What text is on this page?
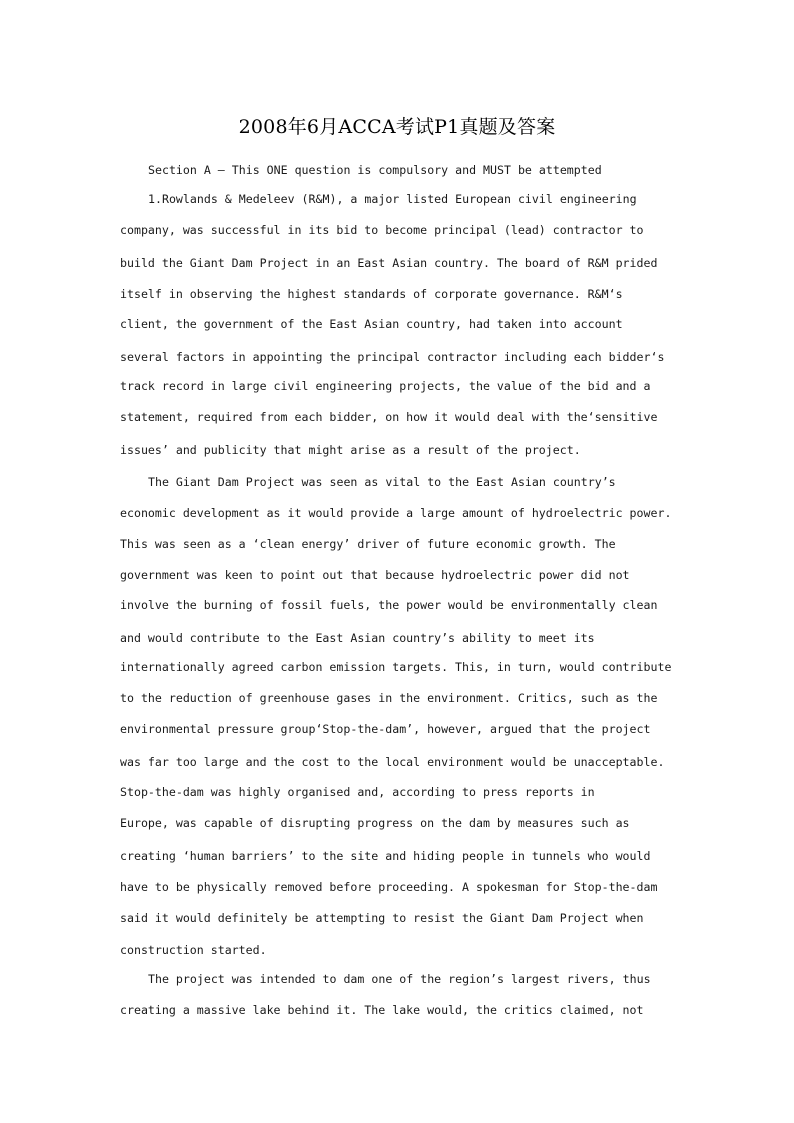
2008年6月ACCA考试P1真题及答案
Section A – This ONE question is compulsory and MUST be attempted
1.Rowlands & Medeleev (R&M), a major listed European civil engineering
company, was successful in its bid to become principal (lead) contractor to
build the Giant Dam Project in an East Asian country. The board of R&M prided
itself in observing the highest standards of corporate governance. R&M‘s
client, the government of the East Asian country, had taken into account
several factors in appointing the principal contractor including each bidder‘s
track record in large civil engineering projects, the value of the bid and a
statement, required from each bidder, on how it would deal with the‘sensitive
issues’ and publicity that might arise as a result of the project.
The Giant Dam Project was seen as vital to the East Asian country’s
economic development as it would provide a large amount of hydroelectric power.
This was seen as a ‘clean energy’ driver of future economic growth. The
government was keen to point out that because hydroelectric power did not
involve the burning of fossil fuels, the power would be environmentally clean
and would contribute to the East Asian country’s ability to meet its
internationally agreed carbon emission targets. This, in turn, would contribute
to the reduction of greenhouse gases in the environment. Critics, such as the
environmental pressure group‘Stop-the-dam’, however, argued that the project
was far too large and the cost to the local environment would be unacceptable.
Stop-the-dam was highly organised and, according to press reports in
Europe, was capable of disrupting progress on the dam by measures such as
creating ‘human barriers’ to the site and hiding people in tunnels who would
have to be physically removed before proceeding. A spokesman for Stop-the-dam
said it would definitely be attempting to resist the Giant Dam Project when
construction started.
The project was intended to dam one of the region’s largest rivers, thus
creating a massive lake behind it. The lake would, the critics claimed, not
